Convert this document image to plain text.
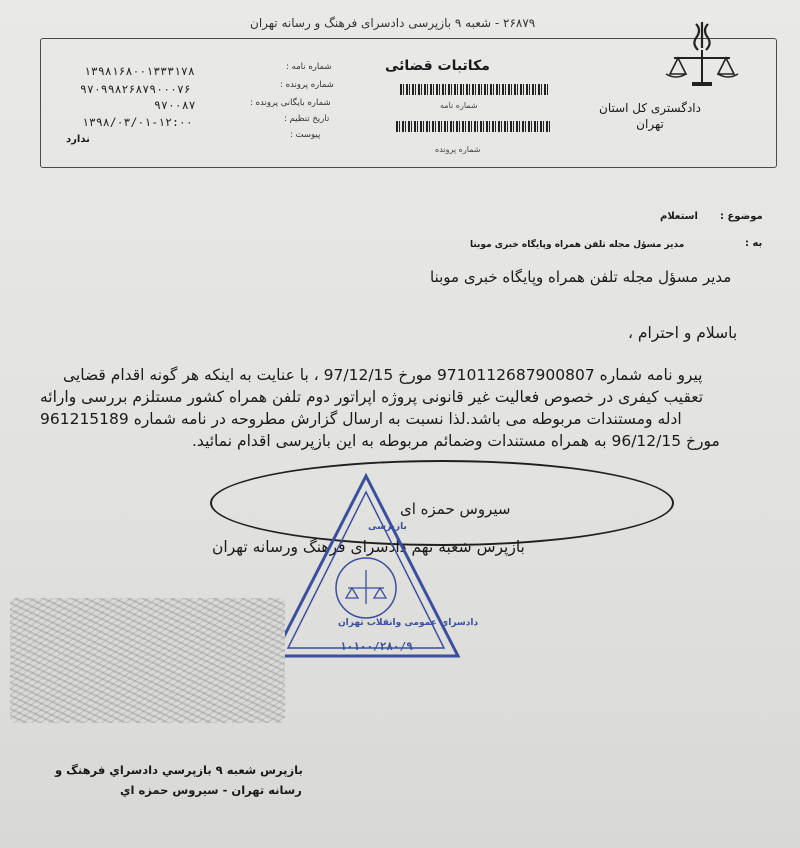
۲۶۸۷۹ - شعبه ۹ بازپرسی دادسرای فرهنگ و رسانه تهران
دادگستری کل استان
تهران
مکاتبات قضائی
شماره نامه
شماره پرونده
شماره نامه :
شماره پرونده :
شماره بایگانی پرونده :
تاریخ تنظیم :
پیوست :
۱۳۹۸۱۶۸۰۰۱۳۳۳۱۷۸
۹۷۰۹۹۸۲۶۸۷۹۰۰۰۷۶
۹۷۰۰۸۷
۱۳۹۸/۰۳/۰۱-۱۲:۰۰
ندارد
موضوع :
استعلام
به :
مدیر مسؤل مجله تلفن همراه وپایگاه خبری موبنا
مدیر مسؤل مجله تلفن همراه وپایگاه خبری موبنا
باسلام و احترام ،
پیرو نامه شماره 9710112687900807 مورخ 97/12/15 ، با عنایت به اینکه هر گونه اقدام قضایی
تعقیب کیفری در خصوص فعالیت غیر قانونی پروژه اپراتور دوم تلفن همراه کشور مستلزم بررسی وارائه
ادله ومستندات مربوطه می باشد.لذا نسبت به ارسال گزارش مطروحه در نامه شماره 961215189
مورخ 96/12/15 به همراه مستندات وضمائم مربوطه به این بازپرسی اقدام نمائید.
سیروس حمزه ای
بازپرس شعبه نهم دادسرای فرهنگ ورسانه تهران
بازپرسی
دادسرای عمومی وانقلاب تهران
۱۰۱۰۰/۲۸۰/۹
بازپرس شعبه ۹ بازپرسي دادسراي فرهنگ و
رسانه تهران - سيروس حمزه اي
